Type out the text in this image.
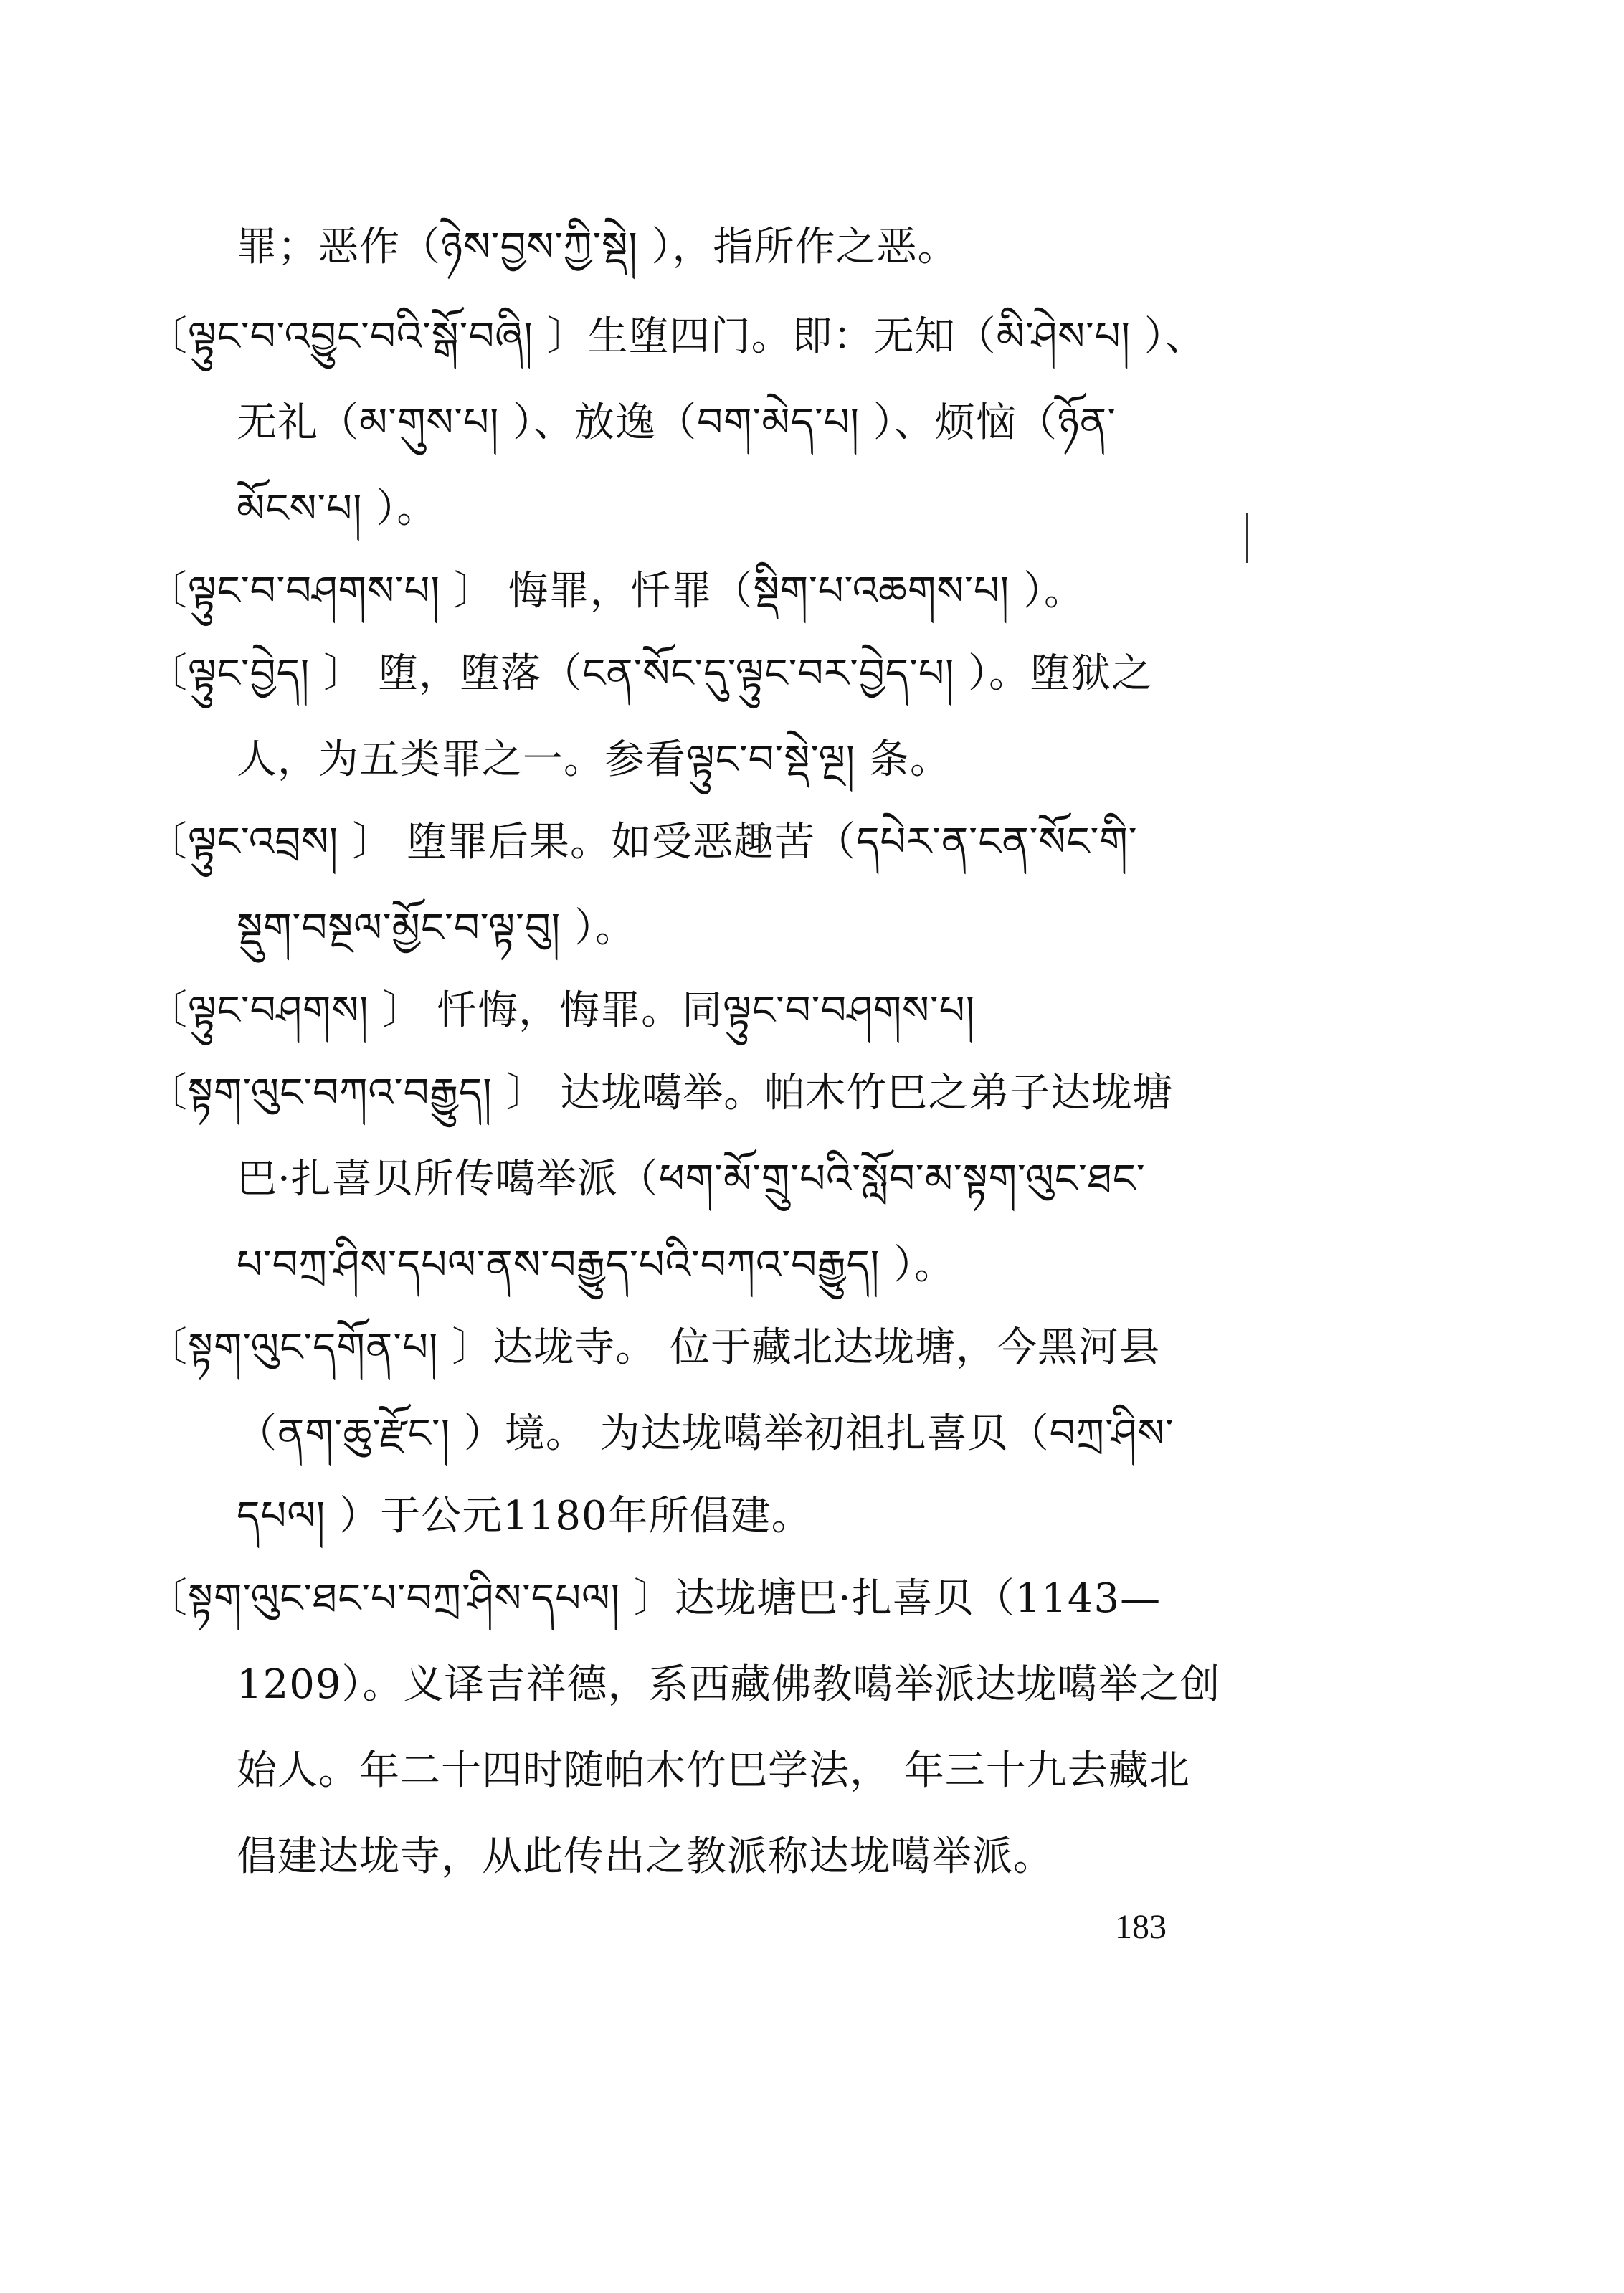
罪；恶作（ཉེས་བྱས་ཀྱི་སྡེ། ），指所作之恶。
〔ལྟུང་བ་འབྱུང་བའི་སྒོ་བཞི། 〕生堕四门。即：无知（མི་ཤེས་པ། ）、
无礼（མ་གུས་པ། ）、放逸（བག་མེད་པ། ）、烦恼（ཉོན་
མོངས་པ། ）。
〔ལྟུང་བ་བཤགས་པ། 〕 悔罪，忏罪（སྡིག་པ་འཆགས་པ། ）。
〔ལྟུང་བྱེད། 〕 堕，堕落（ངན་སོང་དུ་ལྟུང་བར་བྱེད་པ། ）。堕狱之
人，为五类罪之一。参看ལྟུང་བ་སྡེ་ལྔ། 条。
〔ལྟུང་འབྲས། 〕 堕罪后果。如受恶趣苦（དཔེར་ན་ངན་སོང་གི་
སྡུག་བསྔལ་མྱོང་བ་ལྟ་བུ། ）。
〔ལྟུང་བཤགས། 〕 忏悔，悔罪。同ལྟུང་བ་བཤགས་པ།
〔སྟག་ལུང་བཀའ་བརྒྱུད། 〕 达垅噶举。帕木竹巴之弟子达垅塘
巴·扎喜贝所传噶举派（ཕག་མོ་གྲུ་པའི་སློབ་མ་སྟག་ལུང་ཐང་
པ་བཀྲ་ཤིས་དཔལ་ནས་བརྒྱུད་པའི་བཀའ་བརྒྱུད། ）。
〔སྟག་ལུང་དགོན་པ། 〕达垅寺。 位于藏北达垅塘，今黑河县
（ནག་ཆུ་རྫོང་། ）境。 为达垅噶举初祖扎喜贝（བཀྲ་ཤིས་
དཔལ། ）于公元1180年所倡建。
〔སྟག་ལུང་ཐང་པ་བཀྲ་ཤིས་དཔལ། 〕达垅塘巴·扎喜贝（1143—
1209）。义译吉祥德，系西藏佛教噶举派达垅噶举之创
始人。年二十四时随帕木竹巴学法， 年三十九去藏北
倡建达垅寺，从此传出之教派称达垅噶举派。
183
